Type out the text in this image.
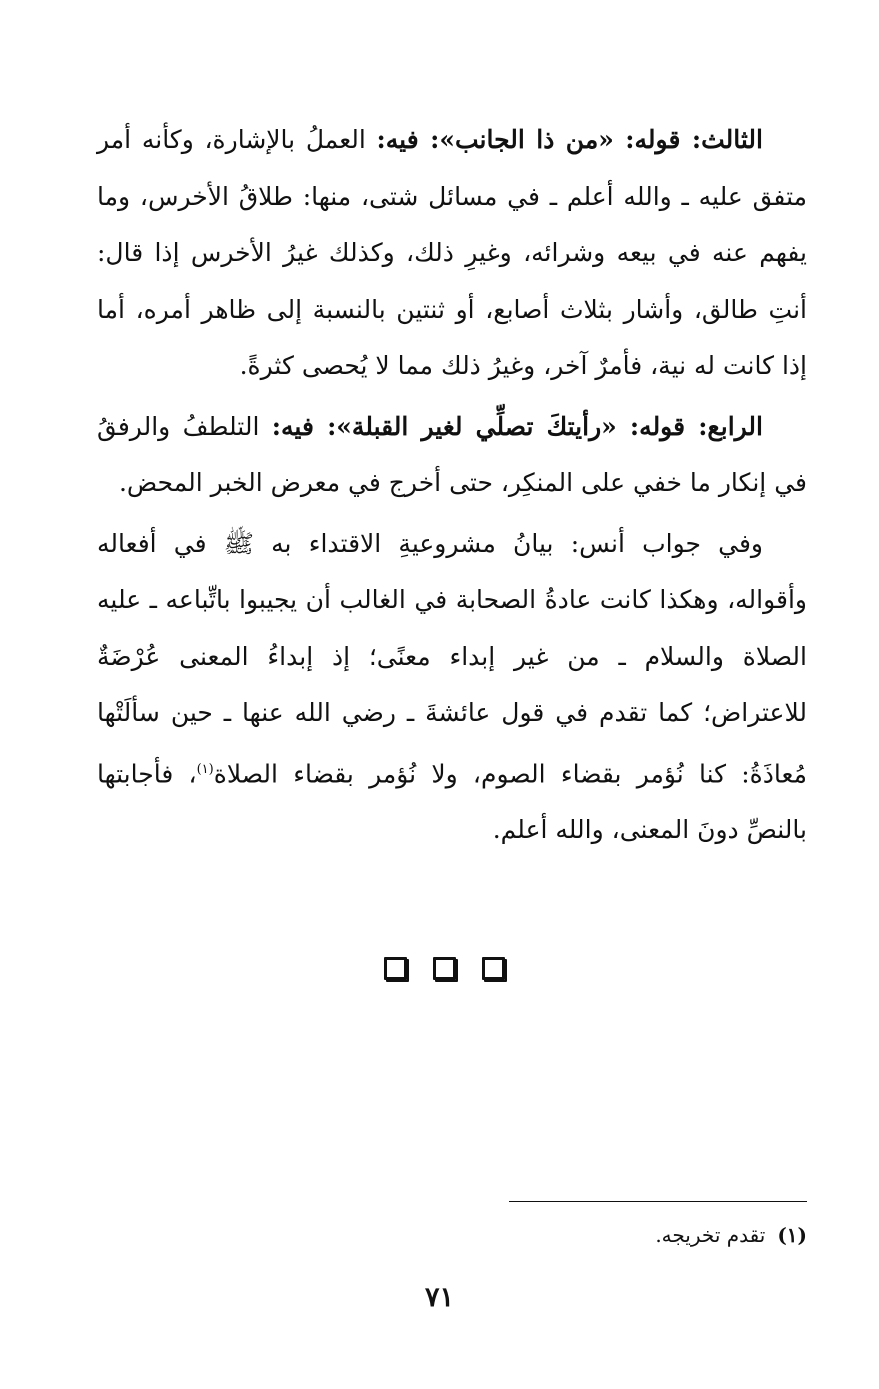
الثالث: قوله: «من ذا الجانب»: فيه: العملُ بالإشارة، وكأنه أمر متفق عليه ـ والله أعلم ـ في مسائل شتى، منها: طلاقُ الأخرس، وما يفهم عنه في بيعه وشرائه، وغيرِ ذلك، وكذلك غيرُ الأخرس إذا قال: أنتِ طالق، وأشار بثلاث أصابع، أو ثنتين بالنسبة إلى ظاهر أمره، أما إذا كانت له نية، فأمرٌ آخر، وغيرُ ذلك مما لا يُحصى كثرةً.

الرابع: قوله: «رأيتكَ تصلِّي لغير القبلة»: فيه: التلطفُ والرفقُ في إنكار ما خفي على المنكِر، حتى أخرج في معرض الخبر المحض.

وفي جواب أنس: بيانُ مشروعيةِ الاقتداء به ﷺ في أفعاله وأقواله، وهكذا كانت عادةُ الصحابة في الغالب أن يجيبوا باتِّباعه ـ عليه الصلاة والسلام ـ من غير إبداء معنًى؛ إذ إبداءُ المعنى عُرْضَةٌ للاعتراض؛ كما تقدم في قول عائشةَ ـ رضي الله عنها ـ حين سألَتْها مُعاذَةُ: كنا نُؤمر بقضاء الصوم، ولا نُؤمر بقضاء الصلاة$^{(١)}$، فأجابتها بالنصِّ دونَ المعنى، والله أعلم.

(١)تقدم تخريجه.
٧١
